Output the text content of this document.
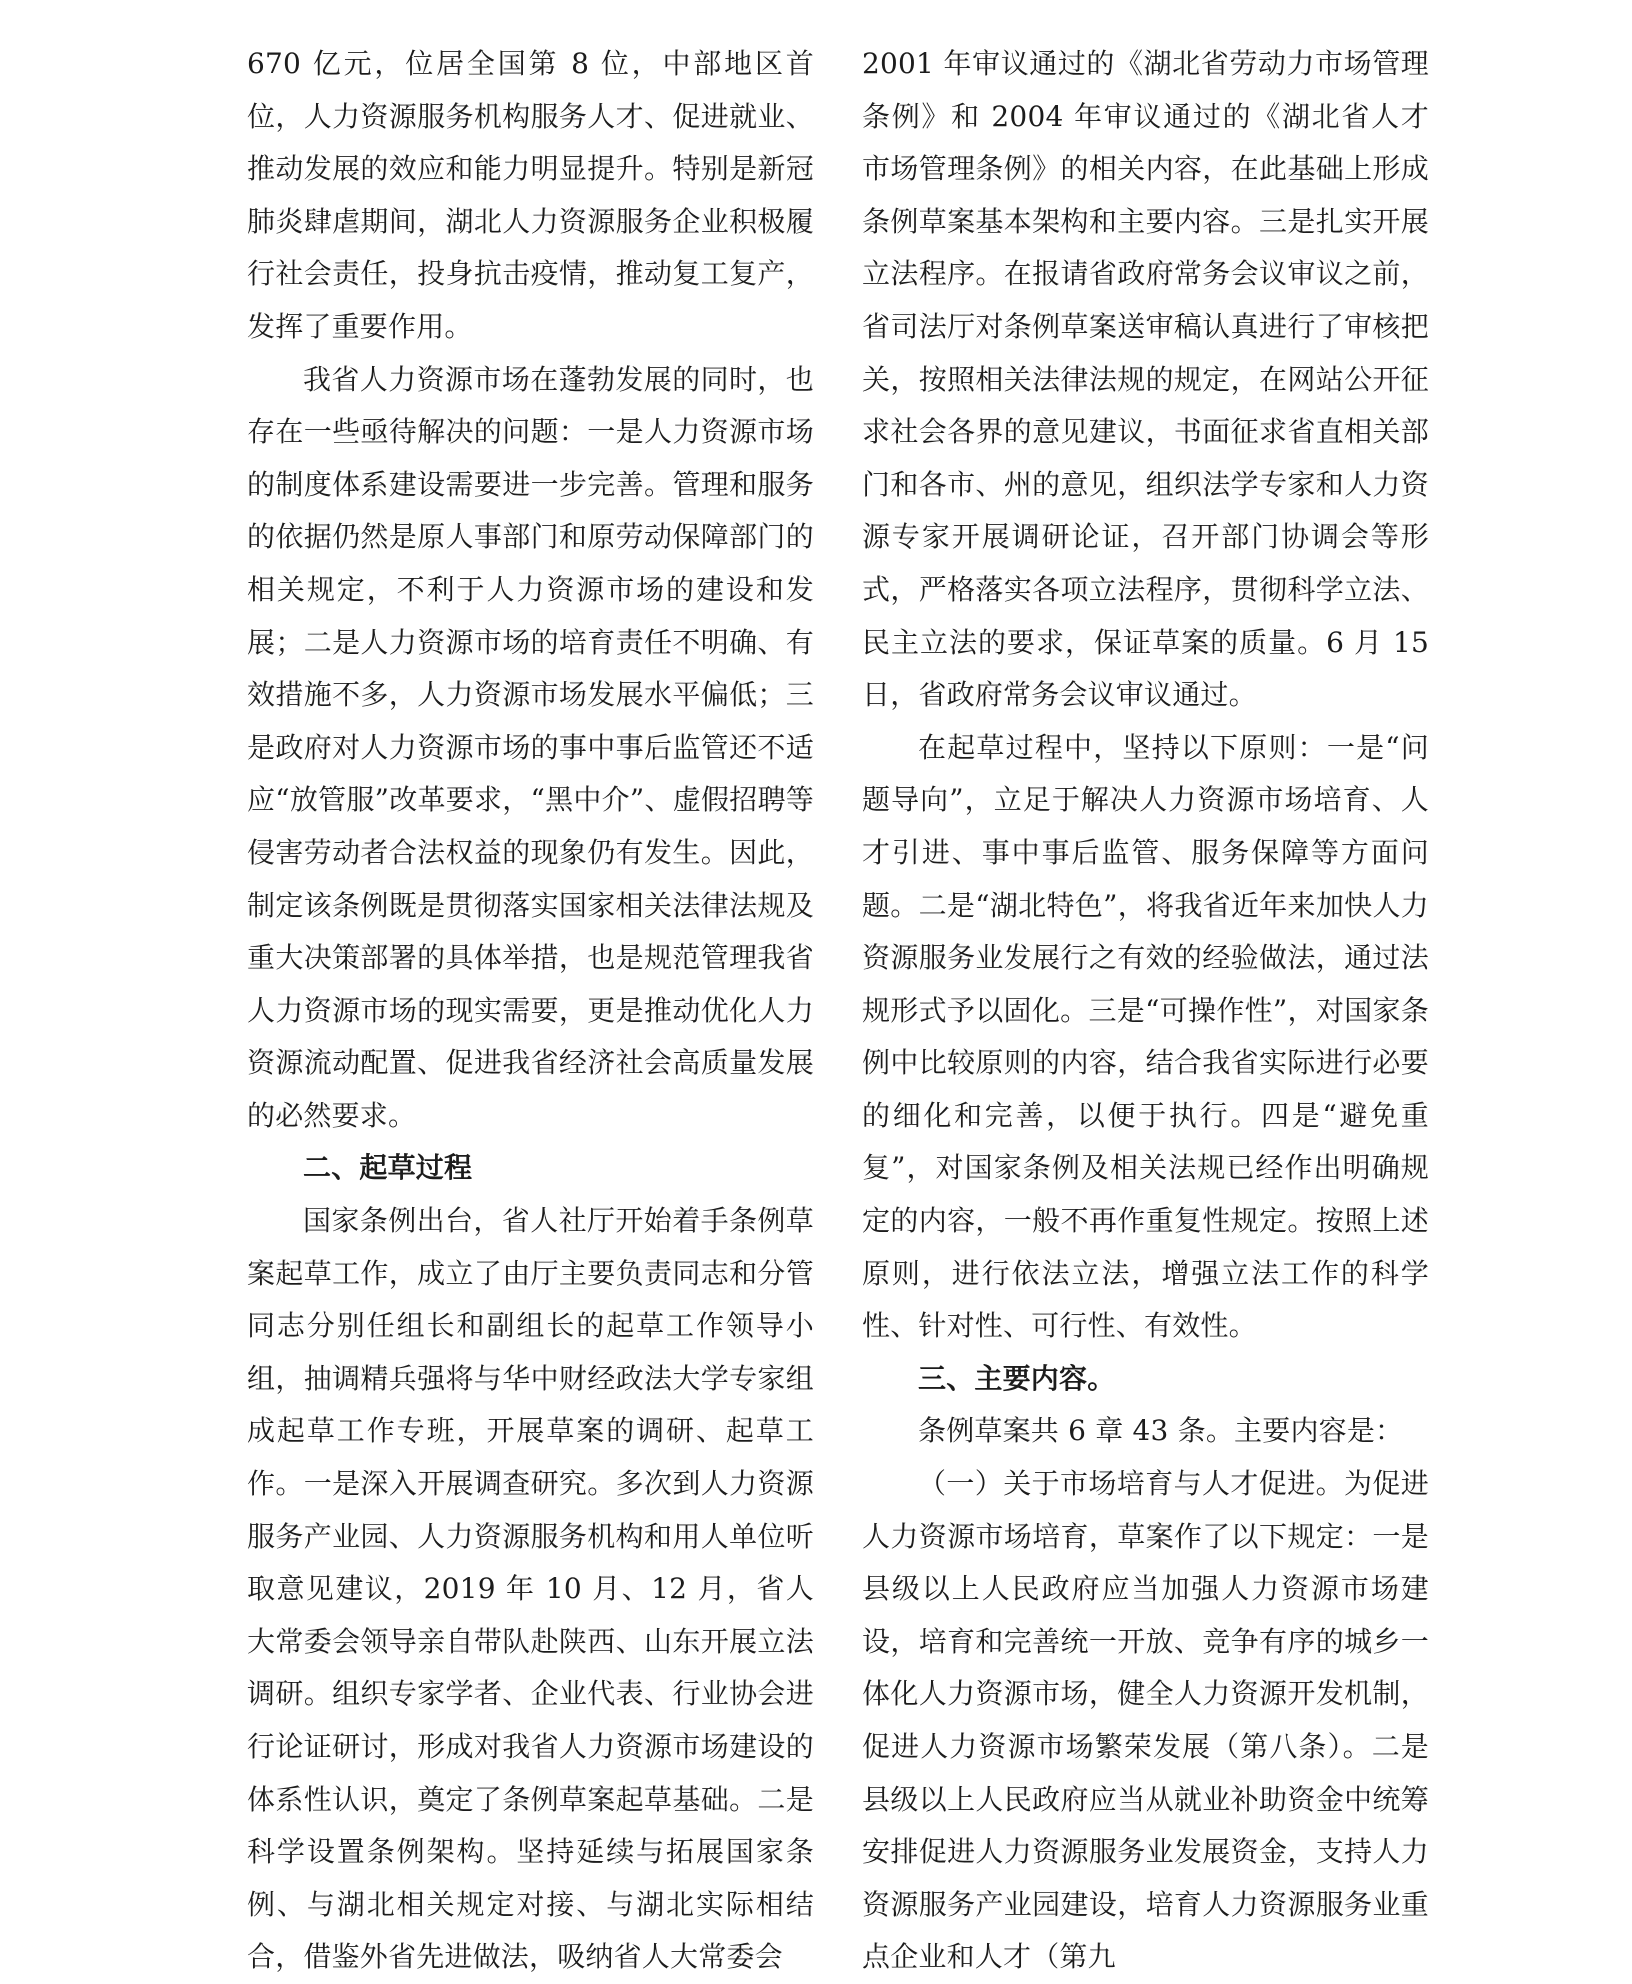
670 亿元，位居全国第 8 位，中部地区首位，人力资源服务机构服务人才、促进就业、推动发展的效应和能力明显提升。特别是新冠肺炎肆虐期间，湖北人力资源服务企业积极履行社会责任，投身抗击疫情，推动复工复产，发挥了重要作用。

我省人力资源市场在蓬勃发展的同时，也存在一些亟待解决的问题：一是人力资源市场的制度体系建设需要进一步完善。管理和服务的依据仍然是原人事部门和原劳动保障部门的相关规定，不利于人力资源市场的建设和发展；二是人力资源市场的培育责任不明确、有效措施不多，人力资源市场发展水平偏低；三是政府对人力资源市场的事中事后监管还不适应“放管服”改革要求，“黑中介”、虚假招聘等侵害劳动者合法权益的现象仍有发生。因此，制定该条例既是贯彻落实国家相关法律法规及重大决策部署的具体举措，也是规范管理我省人力资源市场的现实需要，更是推动优化人力资源流动配置、促进我省经济社会高质量发展的必然要求。

二、起草过程

国家条例出台，省人社厅开始着手条例草案起草工作，成立了由厅主要负责同志和分管同志分别任组长和副组长的起草工作领导小组，抽调精兵强将与华中财经政法大学专家组成起草工作专班，开展草案的调研、起草工作。一是深入开展调查研究。多次到人力资源服务产业园、人力资源服务机构和用人单位听取意见建议，2019 年 10 月、12 月，省人大常委会领导亲自带队赴陕西、山东开展立法调研。组织专家学者、企业代表、行业协会进行论证研讨，形成对我省人力资源市场建设的体系性认识，奠定了条例草案起草基础。二是科学设置条例架构。坚持延续与拓展国家条例、与湖北相关规定对接、与湖北实际相结合，借鉴外省先进做法，吸纳省人大常委会

2001 年审议通过的《湖北省劳动力市场管理条例》和 2004 年审议通过的《湖北省人才市场管理条例》的相关内容，在此基础上形成条例草案基本架构和主要内容。三是扎实开展立法程序。在报请省政府常务会议审议之前，省司法厅对条例草案送审稿认真进行了审核把关，按照相关法律法规的规定，在网站公开征求社会各界的意见建议，书面征求省直相关部门和各市、州的意见，组织法学专家和人力资源专家开展调研论证，召开部门协调会等形式，严格落实各项立法程序，贯彻科学立法、民主立法的要求，保证草案的质量。6 月 15 日，省政府常务会议审议通过。

在起草过程中，坚持以下原则：一是“问题导向”，立足于解决人力资源市场培育、人才引进、事中事后监管、服务保障等方面问题。二是“湖北特色”，将我省近年来加快人力资源服务业发展行之有效的经验做法，通过法规形式予以固化。三是“可操作性”，对国家条例中比较原则的内容，结合我省实际进行必要的细化和完善，以便于执行。四是“避免重复”，对国家条例及相关法规已经作出明确规定的内容，一般不再作重复性规定。按照上述原则，进行依法立法，增强立法工作的科学性、针对性、可行性、有效性。

三、主要内容。

条例草案共 6 章 43 条。主要内容是：

（一）关于市场培育与人才促进。为促进人力资源市场培育，草案作了以下规定：一是县级以上人民政府应当加强人力资源市场建设，培育和完善统一开放、竞争有序的城乡一体化人力资源市场，健全人力资源开发机制，促进人力资源市场繁荣发展（第八条）。二是县级以上人民政府应当从就业补助资金中统筹安排促进人力资源服务业发展资金，支持人力资源服务产业园建设，培育人力资源服务业重点企业和人才（第九
